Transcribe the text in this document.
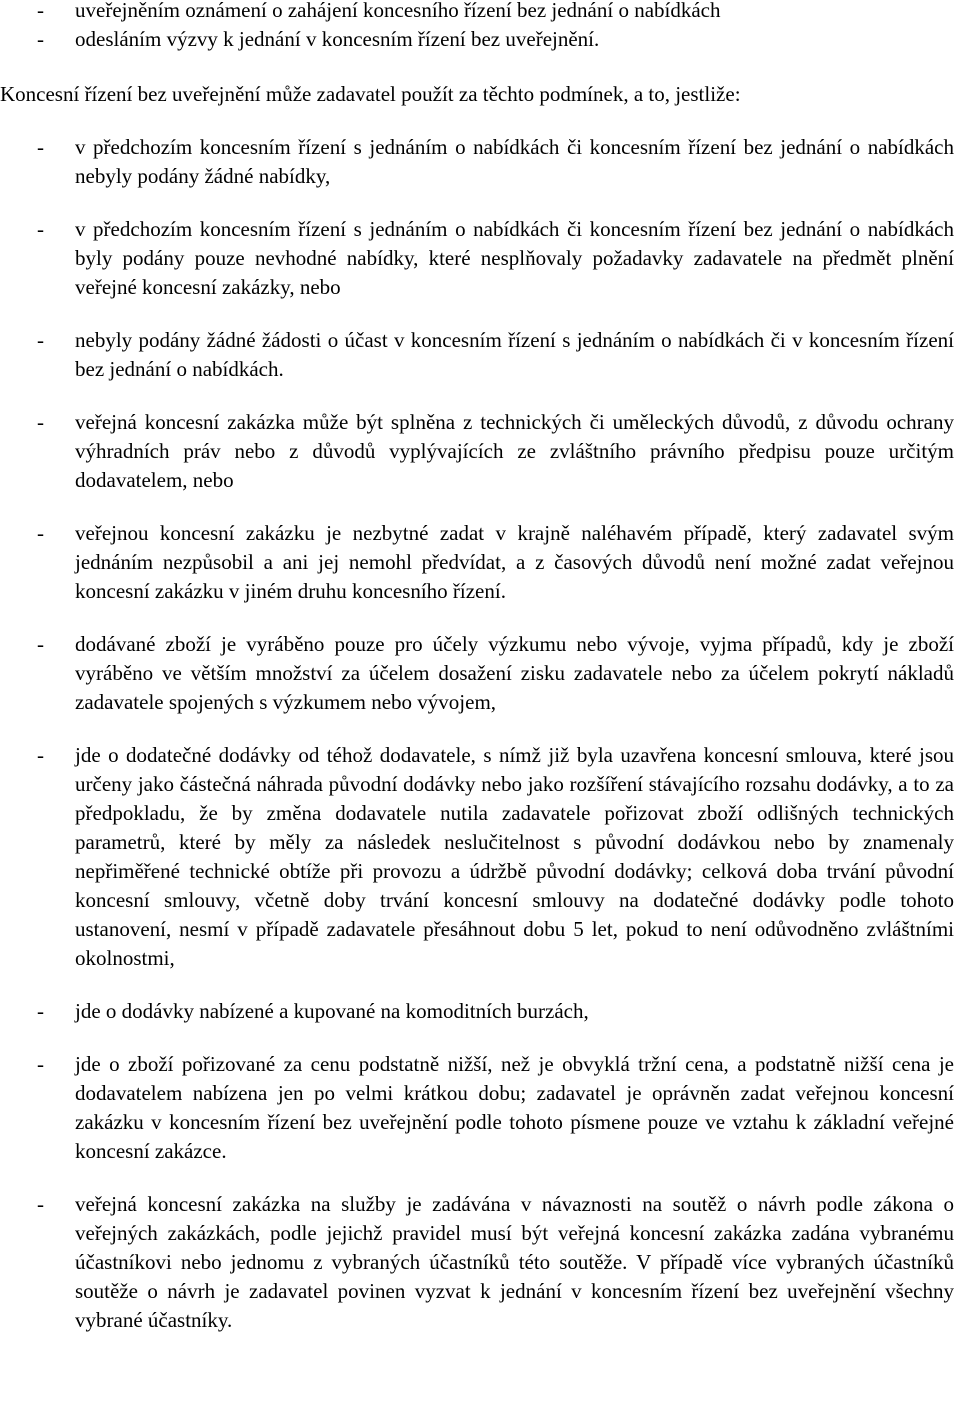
- uveřejněním oznámení o zahájení koncesního řízení bez jednání o nabídkách

- odesláním výzvy k jednání v koncesním řízení bez uveřejnění.

Koncesní řízení bez uveřejnění může zadavatel použít za těchto podmínek, a to, jestliže:

- v předchozím koncesním řízení s jednáním o nabídkách či koncesním řízení bez jednání o nabídkách nebyly podány žádné nabídky,

- v předchozím koncesním řízení s jednáním o nabídkách či koncesním řízení bez jednání o nabídkách byly podány pouze nevhodné nabídky, které nesplňovaly požadavky zadavatele na předmět plnění veřejné koncesní zakázky, nebo

- nebyly podány žádné žádosti o účast v koncesním řízení s jednáním o nabídkách či v koncesním řízení bez jednání o nabídkách.

- veřejná koncesní zakázka může být splněna z technických či uměleckých důvodů, z důvodu ochrany výhradních práv nebo z důvodů vyplývajících ze zvláštního právního předpisu pouze určitým dodavatelem, nebo

- veřejnou koncesní zakázku je nezbytné zadat v krajně naléhavém případě, který zadavatel svým jednáním nezpůsobil a ani jej nemohl předvídat, a z časových důvodů není možné zadat veřejnou koncesní zakázku v jiném druhu koncesního řízení.

- dodávané zboží je vyráběno pouze pro účely výzkumu nebo vývoje, vyjma případů, kdy je zboží vyráběno ve větším množství za účelem dosažení zisku zadavatele nebo za účelem pokrytí nákladů zadavatele spojených s výzkumem nebo vývojem,

- jde o dodatečné dodávky od téhož dodavatele, s nímž již byla uzavřena koncesní smlouva, které jsou určeny jako částečná náhrada původní dodávky nebo jako rozšíření stávajícího rozsahu dodávky, a to za předpokladu, že by změna dodavatele nutila zadavatele pořizovat zboží odlišných technických parametrů, které by měly za následek neslučitelnost s původní dodávkou nebo by znamenaly nepřiměřené technické obtíže při provozu a údržbě původní dodávky; celková doba trvání původní koncesní smlouvy, včetně doby trvání koncesní smlouvy na dodatečné dodávky podle tohoto ustanovení, nesmí v případě zadavatele přesáhnout dobu 5 let, pokud to není odůvodněno zvláštními okolnostmi,

- jde o dodávky nabízené a kupované na komoditních burzách,

- jde o zboží pořizované za cenu podstatně nižší, než je obvyklá tržní cena, a podstatně nižší cena je dodavatelem nabízena jen po velmi krátkou dobu; zadavatel je oprávněn zadat veřejnou koncesní zakázku v koncesním řízení bez uveřejnění podle tohoto písmene pouze ve vztahu k základní veřejné koncesní zakázce.

- veřejná koncesní zakázka na služby je zadávána v návaznosti na soutěž o návrh podle zákona o veřejných zakázkách, podle jejichž pravidel musí být veřejná koncesní zakázka zadána vybranému účastníkovi nebo jednomu z vybraných účastníků této soutěže. V případě více vybraných účastníků soutěže o návrh je zadavatel povinen vyzvat k jednání v koncesním řízení bez uveřejnění všechny vybrané účastníky.
